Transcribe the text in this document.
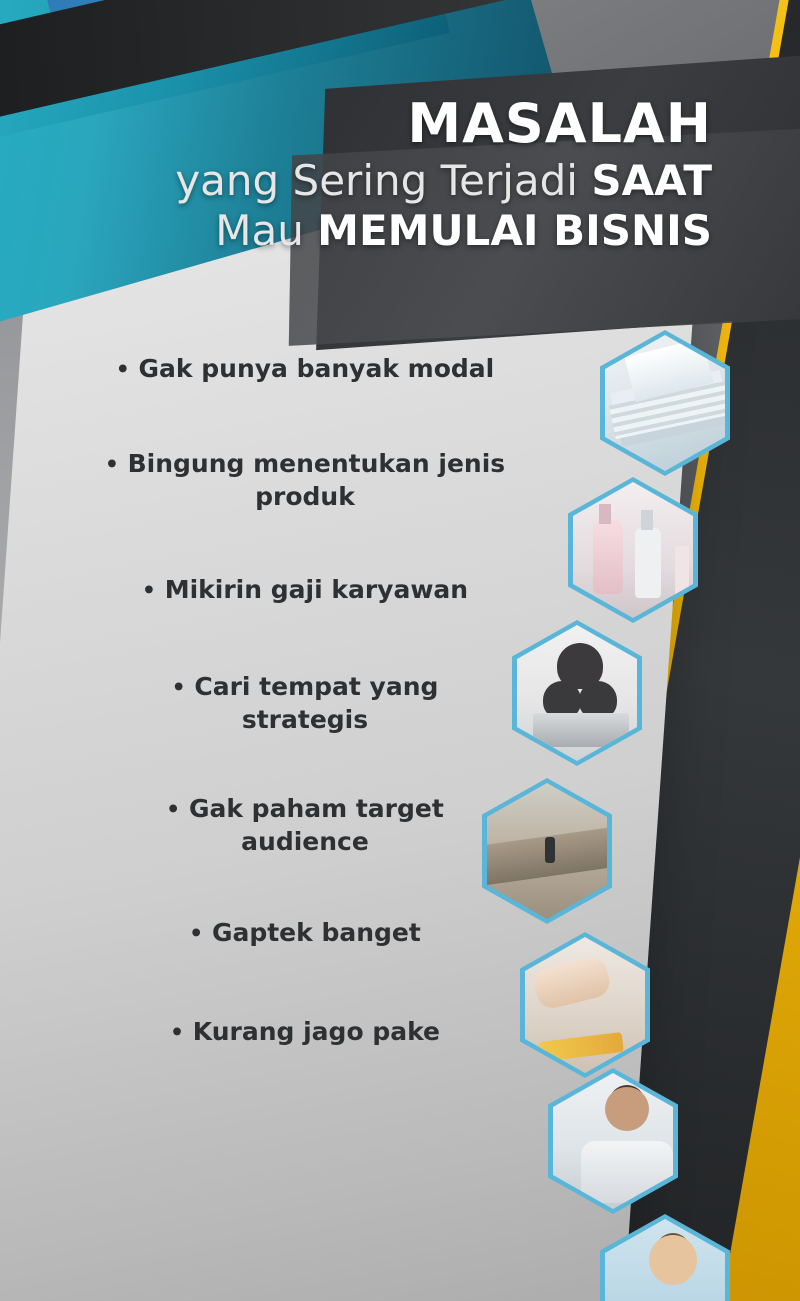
MASALAH
yang Sering Terjadi SAAT
Mau MEMULAI BISNIS
• Gak punya banyak modal
• Bingung menentukan jenis produk
• Mikirin gaji karyawan
• Cari tempat yang strategis
• Gak paham target audience
• Gaptek banget
• Kurang jago pake
